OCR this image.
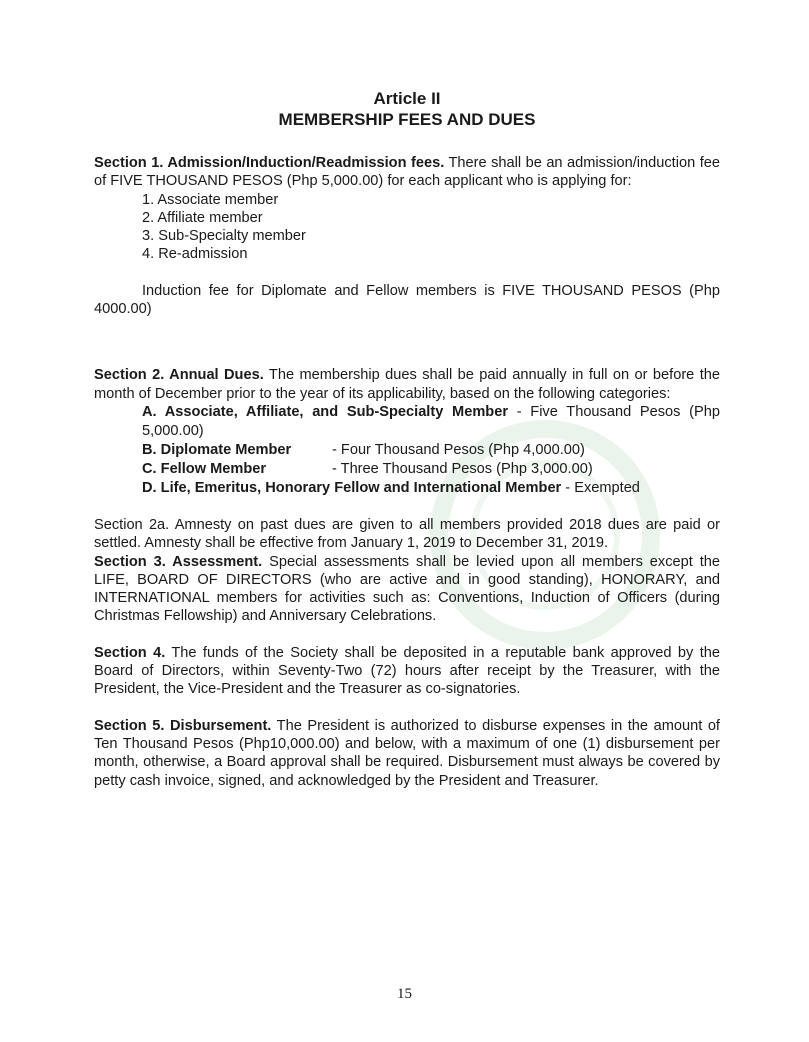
Article II
MEMBERSHIP FEES AND DUES

Section 1. Admission/Induction/Readmission fees. There shall be an admission/induction fee of FIVE THOUSAND PESOS (Php 5,000.00) for each applicant who is applying for:

1. Associate member
2. Affiliate member
3. Sub-Specialty member
4. Re-admission

Induction fee for Diplomate and Fellow members is FIVE THOUSAND PESOS (Php 4000.00)

Section 2. Annual Dues. The membership dues shall be paid annually in full on or before the month of December prior to the year of its applicability, based on the following categories:

A. Associate, Affiliate, and Sub-Specialty Member - Five Thousand Pesos (Php 5,000.00)
B. Diplomate Member	- Four Thousand Pesos (Php 4,000.00)
C. Fellow Member	- Three Thousand Pesos (Php 3,000.00)
D. Life, Emeritus, Honorary Fellow and International Member - Exempted

Section 2a. Amnesty on past dues are given to all members provided 2018 dues are paid or settled. Amnesty shall be effective from January 1, 2019 to December 31, 2019.

Section 3. Assessment. Special assessments shall be levied upon all members except the LIFE, BOARD OF DIRECTORS (who are active and in good standing), HONORARY, and INTERNATIONAL members for activities such as: Conventions, Induction of Officers (during Christmas Fellowship) and Anniversary Celebrations.

Section 4. The funds of the Society shall be deposited in a reputable bank approved by the Board of Directors, within Seventy-Two (72) hours after receipt by the Treasurer, with the President, the Vice-President and the Treasurer as co-signatories.

Section 5. Disbursement. The President is authorized to disburse expenses in the amount of Ten Thousand Pesos (Php10,000.00) and below, with a maximum of one (1) disbursement per month, otherwise, a Board approval shall be required. Disbursement must always be covered by petty cash invoice, signed, and acknowledged by the President and Treasurer.

15
